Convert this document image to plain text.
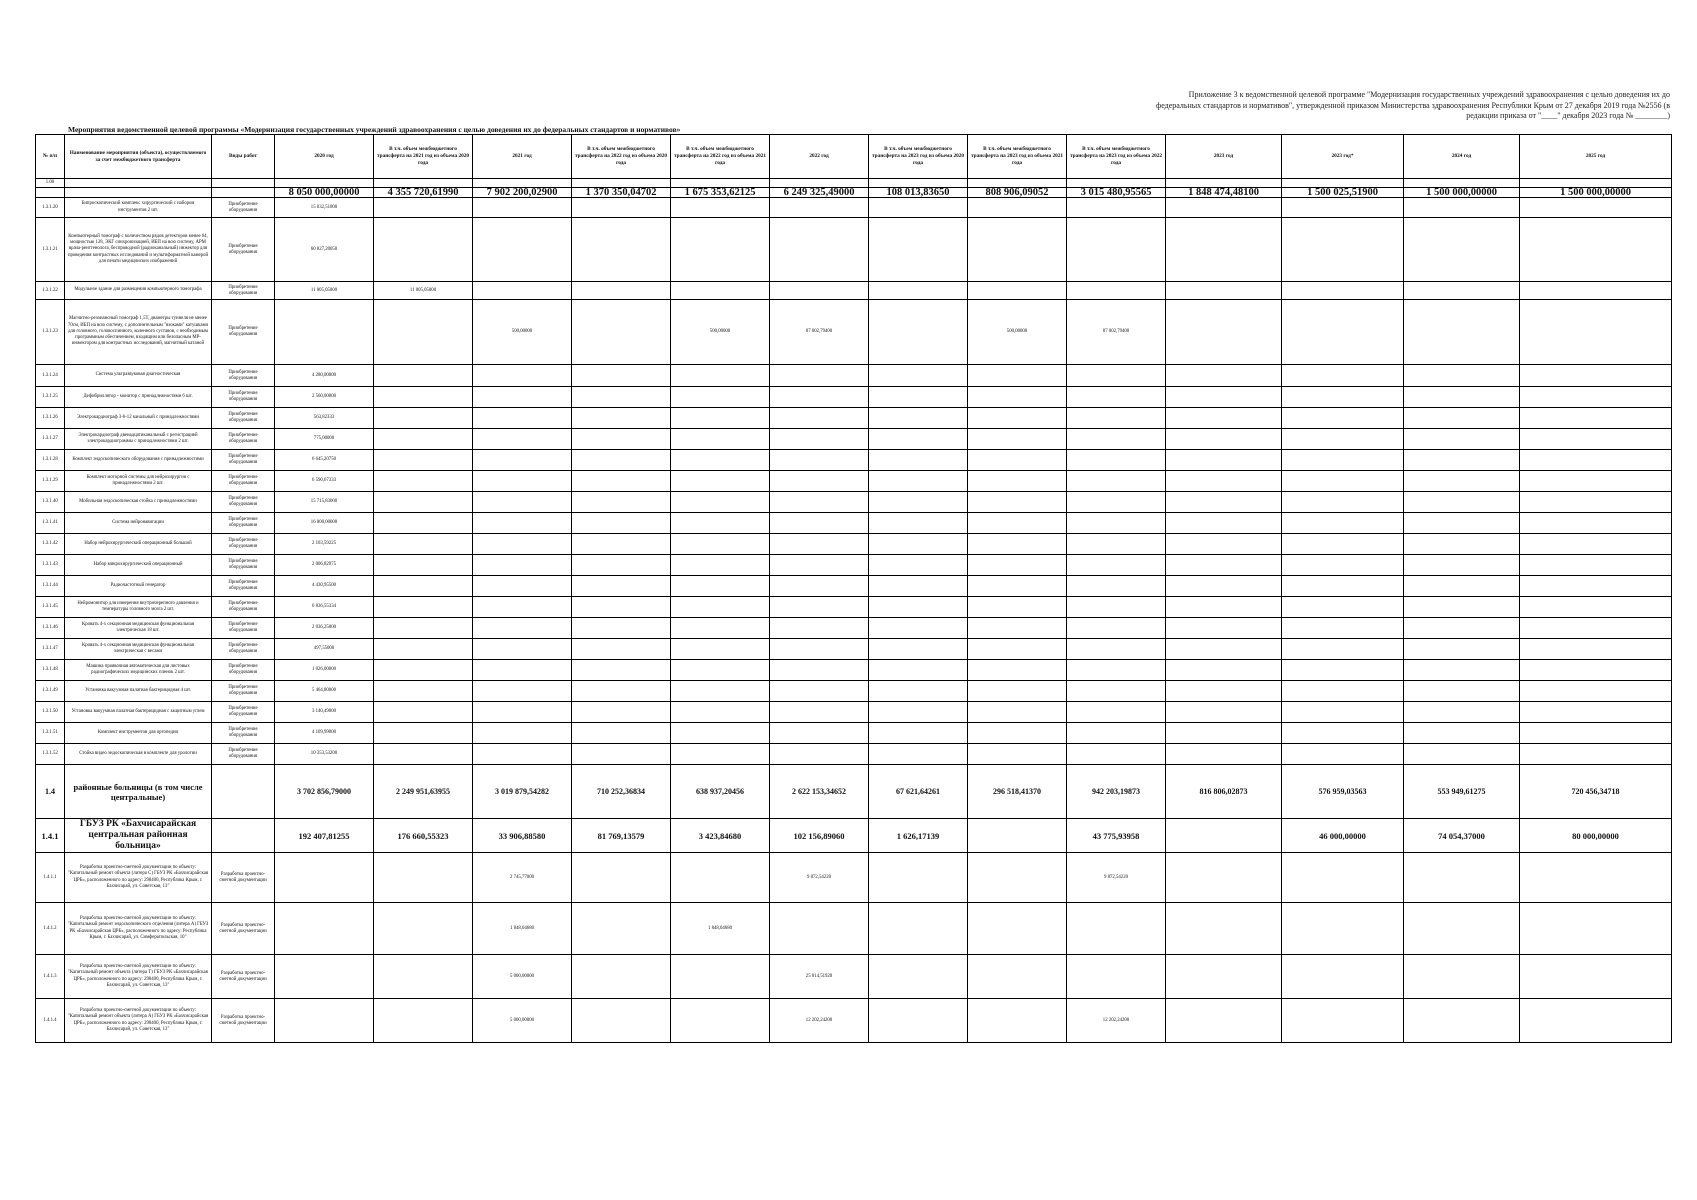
Приложение 3 к ведомственной целевой программе "Модернизация государственных учреждений здравоохранения с целью доведения их до федеральных стандартов и нормативов", утвержденной приказом Министерства здравоохранения Республики Крым от 27 декабря 2019 года №2556 (в редакции приказа от "____" декабря 2023 года № ________)
Мероприятия ведомственной целевой программы «Модернизация государственных учреждений здравоохранения с целью доведения их до федеральных стандартов и нормативов»
№ п/п	Наименование мероприятия (объекта), осуществляемого за счет межбюджетного трансферта	Виды работ	2020 год	В т.ч. объем межбюджетного трансферта на 2021 год из объема 2020 года	2021 год	В т.ч. объем межбюджетного трансферта на 2022 год из объема 2020 года	В т.ч. объем межбюджетного трансферта на 2022 год из объема 2021 года	2022 год	В т.ч. объем межбюджетного трансферта на 2023 год из объема 2020 года	В т.ч. объем межбюджетного трансферта на 2023 год из объема 2021 года	В т.ч. объем межбюджетного трансферта на 2023 год из объема 2022 года	2023 год	2023 год*	2024 год	2025 год
1.00															
			8 050 000,00000	4 355 720,61990	7 902 200,02900	1 370 350,04702	1 675 353,62125	6 249 325,49000	108 013,83650	808 906,09052	3 015 480,95565	1 848 474,48100	1 500 025,51900	1 500 000,00000	1 500 000,00000
1.3.1.20	Бипроскопический комплекс хирургический с набором инструментов 2 шт.	Приобретение оборудования	15 032,51000												
1.3.1.21	Компьютерный томограф с количеством рядов детекторов менее 64, мощностью 128, ЭКГ синхронизацией, ИБП на всю систему, АРМ врача-рентгенолога, беспроводной (радиоканальный) инжектор для проведения контрастных исследований и мультиформатной камерой для печати медицинских изображений	Приобретение оборудования	60 827,20050												
1.3.1.22	Модульное здание для размещения компьютерного томографа	Приобретение оборудования	11 005,05000	11 005,05000											
1.3.1.23	Магнитно-резонансный томограф 1,5Т, диаметры туннеля не менее 70см, ИБП на всю систему, с дополнительным "взоками" катушками для головного, головоспинного, коленного суставов, с необходимым программным обеспечением, входящим или безопасным МР-инжектором для контрастных исследований, магнитный катаной	Приобретение оборудования			500,00000		500,00000	87 002,79400		500,00000	87 002,79400				
1.3.1.24	Система ультразвуковая диагностическая	Приобретение оборудования	4 280,00000												
1.3.1.25	Дефибриллятор - монитор с принадлежностями 6 шт.	Приобретение оборудования	2 560,00000												
1.3.1.26	Электрокардиограф 3-6-12 канальный с принадлежностями	Приобретение оборудования	563,82333												
1.3.1.27	Электрокардиограф двенадцатиканальный с регистрацией электрокардиограммы с принадлежностями 2 шт.	Приобретение оборудования	775,00000												
1.3.1.28	Комплект эндоскопического оборудования с принадлежностями	Приобретение оборудования	6 645,20750												
1.3.1.29	Комплект моторной системы для нейрохирургии с принадлежностями 2 шт.	Приобретение оборудования	6 590,67333												
1.3.1.40	Мобильная эндоскопическая стойка с принадлежностями	Приобретение оборудования	15 715,83000												
1.3.1.41	Система нейронавигации	Приобретение оборудования	16 000,00000												
1.3.1.42	Набор нейрохирургический операционный большой	Приобретение оборудования	2 103,59225												
1.3.1.43	Набор микрохирургический операционный	Приобретение оборудования	2 006,82975												
1.3.1.44	Радиочастотный генератор	Приобретение оборудования	4 430,95500												
1.3.1.45	Нейромонитор для измерения внутричерепного давления и температуры головного мозга 2 шт.	Приобретение оборудования	6 836,55334												
1.3.1.46	Кровать 4-х секционная медицинская функциональная электрическая 18 шт.	Приобретение оборудования	2 036,25000												
1.3.1.47	Кровать 4-х секционная медицинская функциональная электрическая с весами	Приобретение оборудования	497,55000												
1.3.1.48	Машина проявочная автоматическая для листовых радиографических медицинских пленок 2 шт.	Приобретение оборудования	1 026,00000												
1.3.1.49	Установка вакуумная палатная бактерицидная 4 шт.	Приобретение оборудования	5 464,80000												
1.3.1.50	Установка вакуумная палатная бактерицидная с защитным углем	Приобретение оборудования	3 140,49000												
1.3.1.51	Комплект инструментов для ортопедии	Приобретение оборудования	4 109,99000												
1.3.1.52	Стойка видео эндоскопическая в комплекте для урологии	Приобретение оборудования	10 353,53200												
1.4	районные больницы (в том числе центральные)		3 702 856,79000	2 249 951,63955	3 019 879,54282	710 252,36834	638 937,20456	2 622 153,34652	67 621,64261	296 518,41370	942 203,19873	816 806,02873	576 959,03563	553 949,61275	720 456,34718
1.4.1	ГБУЗ РК «Бахчисарайская центральная районная больница»		192 407,81255	176 660,55323	33 906,88580	81 769,13579	3 423,84680	102 156,89060	1 626,17139		43 775,93958		46 000,00000	74 054,37000	80 000,00000
1.4.1.1	Разработка проектно-сметной документации по объекту: "Капитальный ремонт объекта (литера С) ГБУЗ РК «Бахчисарайская ЦРБ», расположенного по адресу: 298400, Республика Крым, г. Бахчисарай, ул. Советская, 13"	Разработка проектно-сметной документации			2 745,77000			9 872,54220			9 872,54220				
1.4.1.2	Разработка проектно-сметной документации по объекту: "Капитальный ремонт эндоскопического отделения (литера А) ГБУЗ РК «Бахчисарайская ЦРБ», расположенного по адресу: Республика Крым, г. Бахчисарай, ул. Симферопольская, 10"	Разработка проектно-сметной документации			1 848,04680		1 848,04680								
1.4.1.3	Разработка проектно-сметной документации по объекту: "Капитальный ремонт объекта (литера Т) ГБУЗ РК «Бахчисарайская ЦРБ», расположенного по адресу: 298400, Республика Крым, г. Бахчисарай, ул. Советская, 13"	Разработка проектно-сметной документации			5 000,00000			25 814,51920							
1.4.1.4	Разработка проектно-сметной документации по объекту: "Капитальный ремонт объекта (литера А) ГБУЗ РК «Бахчисарайская ЦРБ», расположенного по адресу: 298400, Республика Крым, г. Бахчисарай, ул. Советская, 13"	Разработка проектно-сметной документации			5 000,00000			12 202,24200			12 202,24200				
